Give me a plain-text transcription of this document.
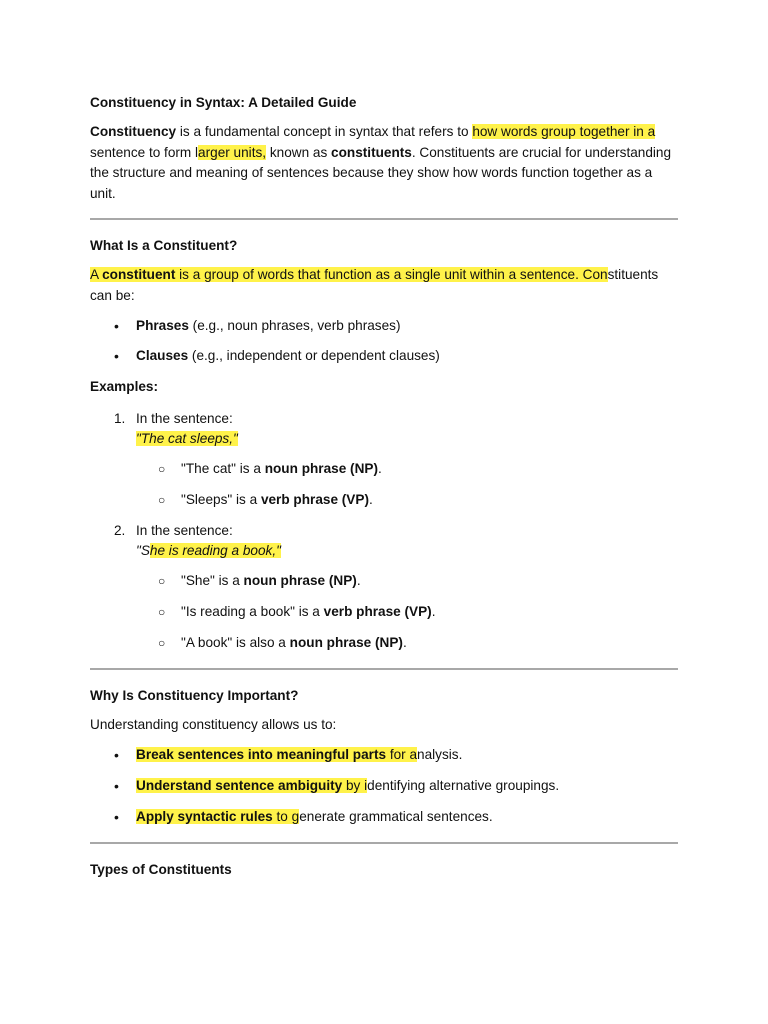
Constituency in Syntax: A Detailed Guide
Constituency is a fundamental concept in syntax that refers to how words group together in a
sentence to form larger units, known as constituents. Constituents are crucial for understanding
the structure and meaning of sentences because they show how words function together as a
unit.
What Is a Constituent?
A constituent is a group of words that function as a single unit within a sentence. Constituents
can be:
• Phrases (e.g., noun phrases, verb phrases)
• Clauses (e.g., independent or dependent clauses)
Examples:
1. In the sentence:
"The cat sleeps,"
○ "The cat" is a noun phrase (NP).
○ "Sleeps" is a verb phrase (VP).
2. In the sentence:
"She is reading a book,"
○ "She" is a noun phrase (NP).
○ "Is reading a book" is a verb phrase (VP).
○ "A book" is also a noun phrase (NP).
Why Is Constituency Important?
Understanding constituency allows us to:
• Break sentences into meaningful parts for analysis.
• Understand sentence ambiguity by identifying alternative groupings.
• Apply syntactic rules to generate grammatical sentences.
Types of Constituents
